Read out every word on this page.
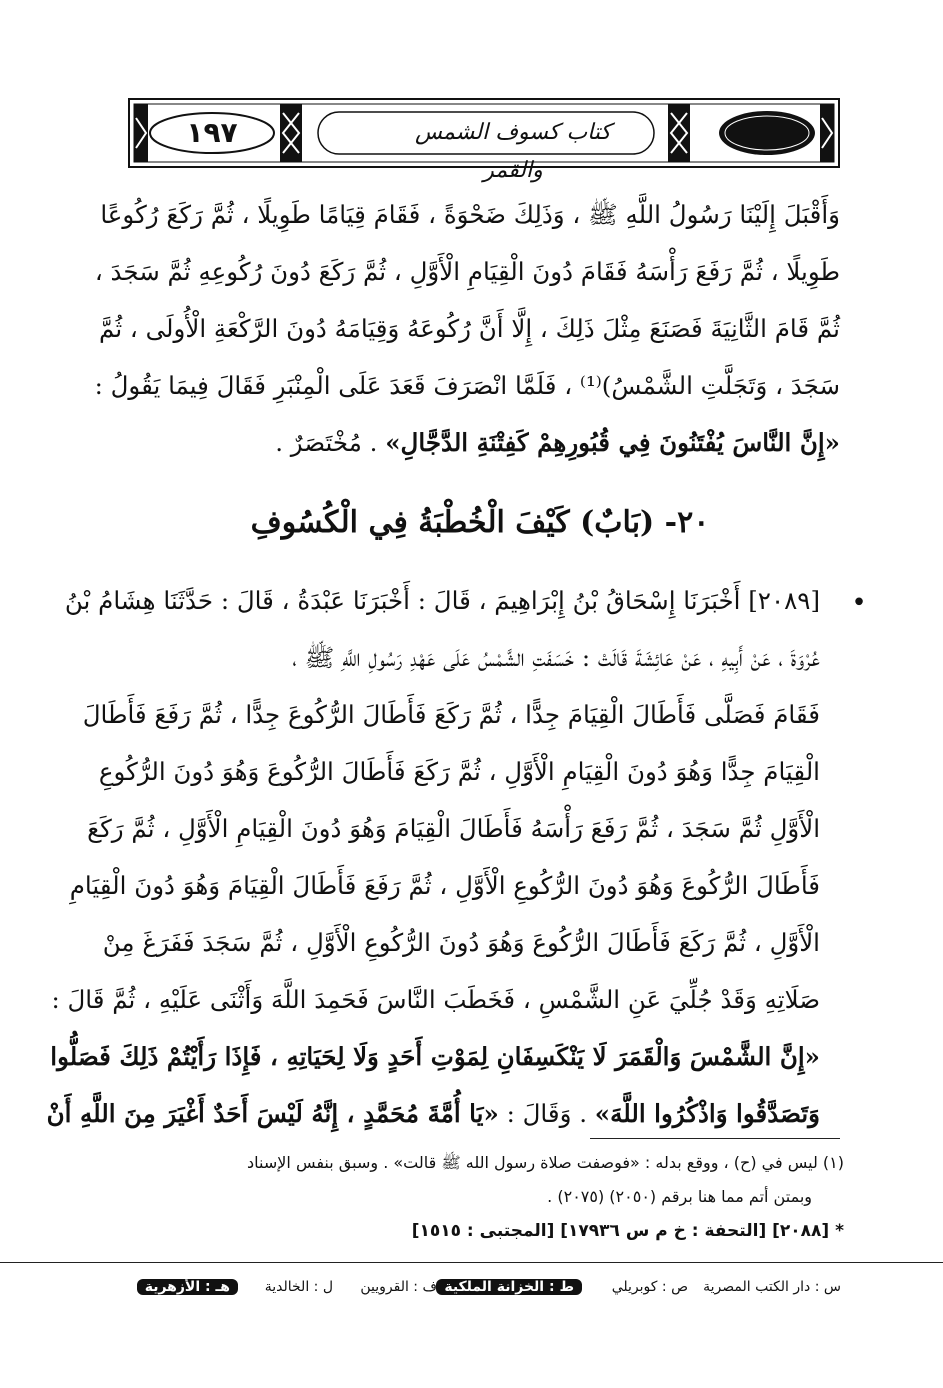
١٩٧	كتاب كسوف الشمس والقمر
وَأَقْبَلَ إِلَيْنَا رَسُولُ اللَّهِ ﷺ ، وَذَلِكَ ضَحْوَةً ، فَقَامَ قِيَامًا طَوِيلًا ، ثُمَّ رَكَعَ رُكُوعًا
طَوِيلًا ، ثُمَّ رَفَعَ رَأْسَهُ فَقَامَ دُونَ الْقِيَامِ الْأَوَّلِ ، ثُمَّ رَكَعَ دُونَ رُكُوعِهِ ثُمَّ سَجَدَ ،
ثُمَّ قَامَ الثَّانِيَةَ فَصَنَعَ مِثْلَ ذَلِكَ ، إِلَّا أَنَّ رُكُوعَهُ وَقِيَامَهُ دُونَ الرَّكْعَةِ الْأُولَى ، ثُمَّ
سَجَدَ ، وَتَجَلَّتِ الشَّمْسُ)⁽¹⁾ ، فَلَمَّا انْصَرَفَ قَعَدَ عَلَى الْمِنْبَرِ فَقَالَ فِيمَا يَقُولُ :
«إِنَّ النَّاسَ يُفْتَنُونَ فِي قُبُورِهِمْ كَفِتْنَةِ الدَّجَّالِ» . مُخْتَصَرٌ .
٢٠- (بَابٌ) كَيْفَ الْخُطْبَةُ فِي الْكُسُوفِ
•
[٢٠٨٩] أَخْبَرَنَا إِسْحَاقُ بْنُ إِبْرَاهِيمَ ، قَالَ : أَخْبَرَنَا عَبْدَةُ ، قَالَ : حَدَّثَنَا هِشَامُ بْنُ
عُرْوَةَ ، عَنْ أَبِيهِ ، عَنْ عَائِشَةَ قَالَتْ : خَسَفَتِ الشَّمْسُ عَلَى عَهْدِ رَسُولِ اللَّهِ ﷺ ،
فَقَامَ فَصَلَّى فَأَطَالَ الْقِيَامَ جِدًّا ، ثُمَّ رَكَعَ فَأَطَالَ الرُّكُوعَ جِدًّا ، ثُمَّ رَفَعَ فَأَطَالَ
الْقِيَامَ جِدًّا وَهُوَ دُونَ الْقِيَامِ الْأَوَّلِ ، ثُمَّ رَكَعَ فَأَطَالَ الرُّكُوعَ وَهُوَ دُونَ الرُّكُوعِ
الْأَوَّلِ ثُمَّ سَجَدَ ، ثُمَّ رَفَعَ رَأْسَهُ فَأَطَالَ الْقِيَامَ وَهُوَ دُونَ الْقِيَامِ الْأَوَّلِ ، ثُمَّ رَكَعَ
فَأَطَالَ الرُّكُوعَ وَهُوَ دُونَ الرُّكُوعِ الْأَوَّلِ ، ثُمَّ رَفَعَ فَأَطَالَ الْقِيَامَ وَهُوَ دُونَ الْقِيَامِ
الْأَوَّلِ ، ثُمَّ رَكَعَ فَأَطَالَ الرُّكُوعَ وَهُوَ دُونَ الرُّكُوعِ الْأَوَّلِ ، ثُمَّ سَجَدَ فَفَرَغَ مِنْ
صَلَاتِهِ وَقَدْ جُلِّيَ عَنِ الشَّمْسِ ، فَخَطَبَ النَّاسَ فَحَمِدَ اللَّهَ وَأَثْنَى عَلَيْهِ ، ثُمَّ قَالَ :
«إِنَّ الشَّمْسَ وَالْقَمَرَ لَا يَنْكَسِفَانِ لِمَوْتِ أَحَدٍ وَلَا لِحَيَاتِهِ ، فَإِذَا رَأَيْتُمْ ذَلِكَ فَصَلُّوا
وَتَصَدَّقُوا وَاذْكُرُوا اللَّهَ» . وَقَالَ : «يَا أُمَّةَ مُحَمَّدٍ ، إِنَّهُ لَيْسَ أَحَدٌ أَغْيَرَ مِنَ اللَّهِ أَنْ
(١) ليس في (ح) ، ووقع بدله : «فوصفت صلاة رسول الله ﷺ قالت» . وسبق بنفس الإسناد
وبمتن أتم مما هنا برقم (٢٠٥٠) (٢٠٧٥) .
* [٢٠٨٨] [التحفة : خ م س ١٧٩٣٦] [المجتبى : ١٥١٥]
س : دار الكتب المصرية
ص : كوبريلي
ط : الخزانة الملكية
ف : القرويين
ل : الخالدية
هـ : الأزهرية
